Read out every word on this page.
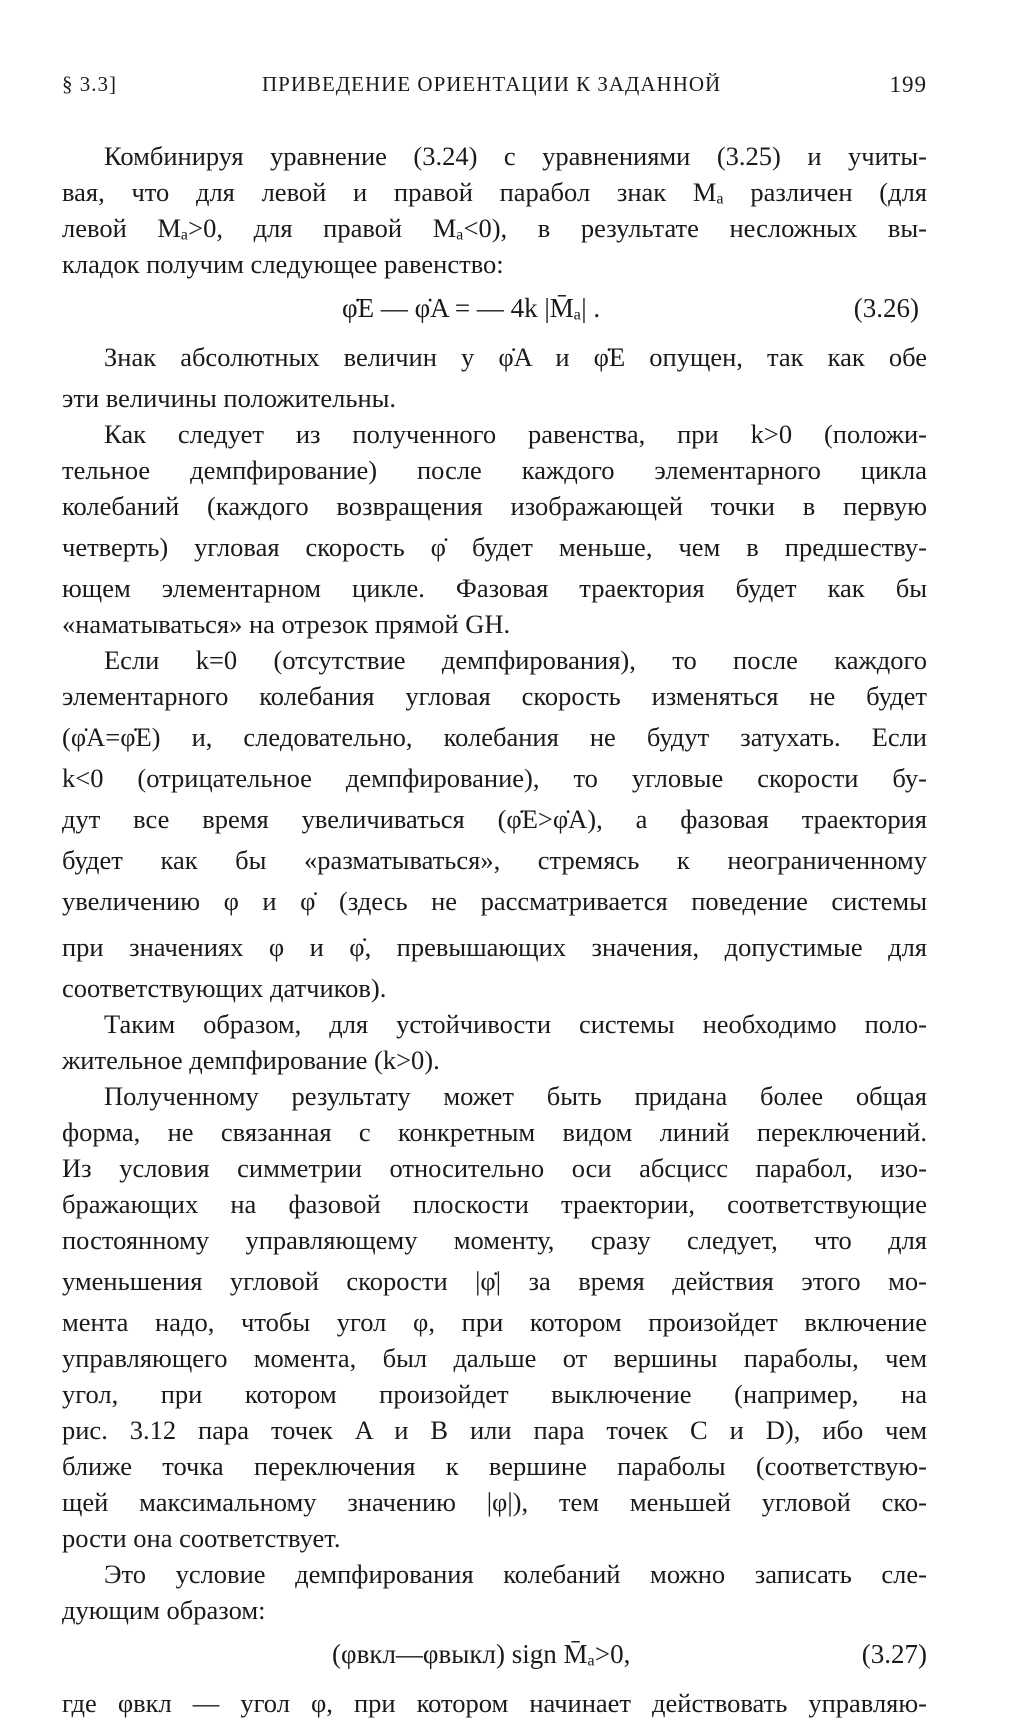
§ 3.3]	ПРИВЕДЕНИЕ ОРИЕНТАЦИИ К ЗАДАННОЙ	199
Комбинируя уравнение (3.24) с уравнениями (3.25) и учиты-
вая, что для левой и правой парабол знак Mₐ различен (для
левой Mₐ>0, для правой Mₐ<0), в результате несложных вы-
кладок получим следующее равенство:
φ̇E — φ̇A = — 4k |M̄ₐ| .	(3.26)
Знак абсолютных величин у φ̇A и φ̇E опущен, так как обе
эти величины положительны.
Как следует из полученного равенства, при k>0 (положи-
тельное демпфирование) после каждого элементарного цикла
колебаний (каждого возвращения изображающей точки в первую
четверть) угловая скорость φ̇ будет меньше, чем в предшеству-
ющем элементарном цикле. Фазовая траектория будет как бы
«наматываться» на отрезок прямой GH.
Если k=0 (отсутствие демпфирования), то после каждого
элементарного колебания угловая скорость изменяться не будет
(φ̇A=φ̇E) и, следовательно, колебания не будут затухать. Если
k<0 (отрицательное демпфирование), то угловые скорости бу-
дут все время увеличиваться (φ̇E>φ̇A), а фазовая траектория
будет как бы «разматываться», стремясь к неограниченному
увеличению φ и φ̇ (здесь не рассматривается поведение системы
при значениях φ и φ̇, превышающих значения, допустимые для
соответствующих датчиков).
Таким образом, для устойчивости системы необходимо поло-
жительное демпфирование (k>0).
Полученному результату может быть придана более общая
форма, не связанная с конкретным видом линий переключений.
Из условия симметрии относительно оси абсцисс парабол, изо-
бражающих на фазовой плоскости траектории, соответствующие
постоянному управляющему моменту, сразу следует, что для
уменьшения угловой скорости |φ̇| за время действия этого мо-
мента надо, чтобы угол φ, при котором произойдет включение
управляющего момента, был дальше от вершины параболы, чем
угол, при котором произойдет выключение (например, на
рис. 3.12 пара точек A и B или пара точек C и D), ибо чем
ближе точка переключения к вершине параболы (соответствую-
щей максимальному значению |φ|), тем меньшей угловой ско-
рости она соответствует.
Это условие демпфирования колебаний можно записать сле-
дующим образом:
(φвкл—φвыкл) sign M̄ₐ>0,	(3.27)
где φвкл — угол φ, при котором начинает действовать управляю-
